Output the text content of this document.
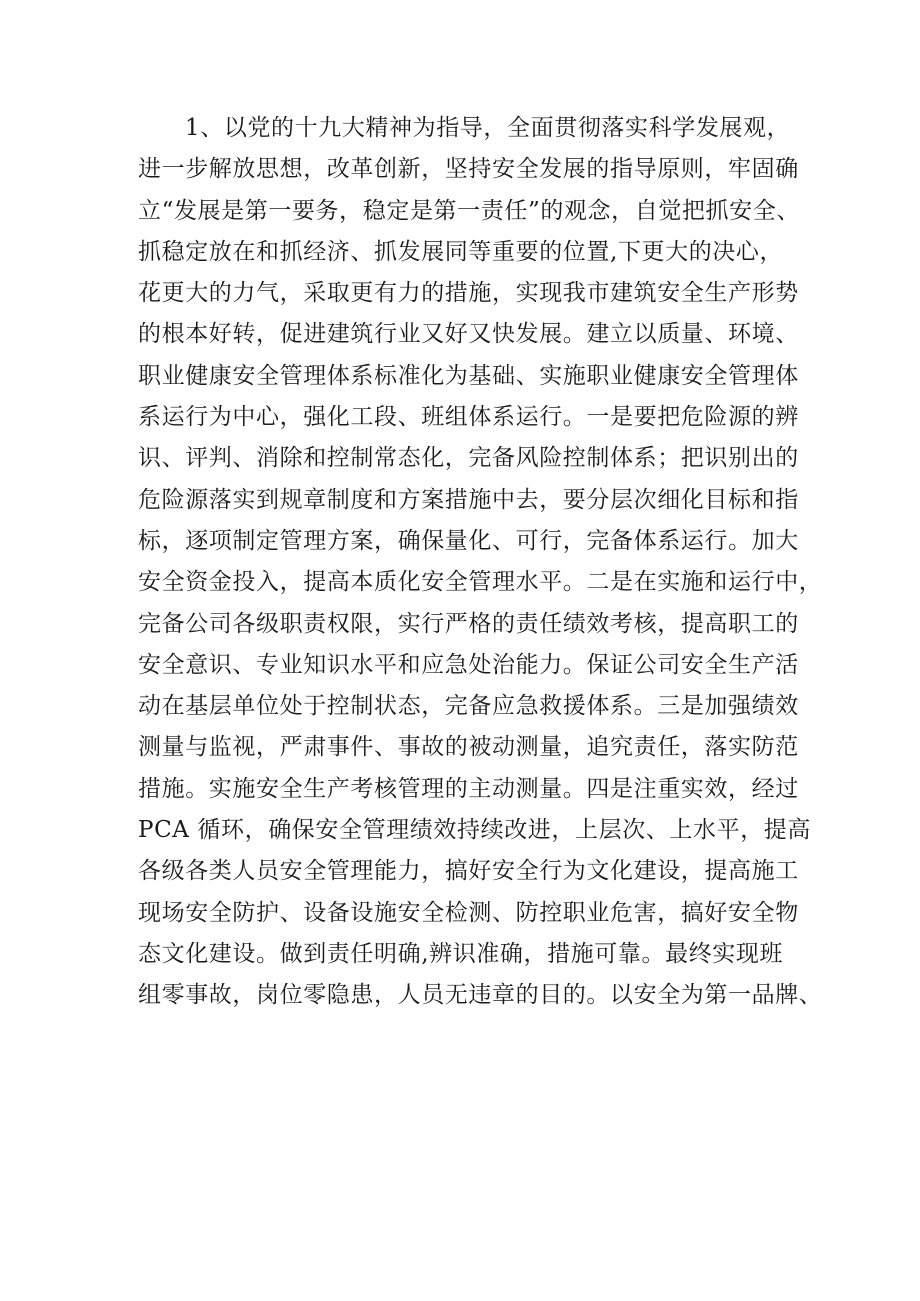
1、以党的十九大精神为指导，全面贯彻落实科学发展观，
进一步解放思想，改革创新，坚持安全发展的指导原则，牢固确
立“发展是第一要务，稳定是第一责任”的观念，自觉把抓安全、
抓稳定放在和抓经济、抓发展同等重要的位置,下更大的决心，
花更大的力气，采取更有力的措施，实现我市建筑安全生产形势
的根本好转，促进建筑行业又好又快发展。建立以质量、环境、
职业健康安全管理体系标准化为基础、实施职业健康安全管理体
系运行为中心，强化工段、班组体系运行。一是要把危险源的辨
识、评判、消除和控制常态化，完备风险控制体系；把识别出的
危险源落实到规章制度和方案措施中去，要分层次细化目标和指
标，逐项制定管理方案，确保量化、可行，完备体系运行。加大
安全资金投入，提高本质化安全管理水平。二是在实施和运行中，
完备公司各级职责权限，实行严格的责任绩效考核，提高职工的
安全意识、专业知识水平和应急处治能力。保证公司安全生产活
动在基层单位处于控制状态，完备应急救援体系。三是加强绩效
测量与监视，严肃事件、事故的被动测量，追究责任，落实防范
措施。实施安全生产考核管理的主动测量。四是注重实效，经过
PCA 循环，确保安全管理绩效持续改进，上层次、上水平，提高
各级各类人员安全管理能力，搞好安全行为文化建设，提高施工
现场安全防护、设备设施安全检测、防控职业危害，搞好安全物
态文化建设。做到责任明确,辨识准确，措施可靠。最终实现班
组零事故，岗位零隐患，人员无违章的目的。以安全为第一品牌、
